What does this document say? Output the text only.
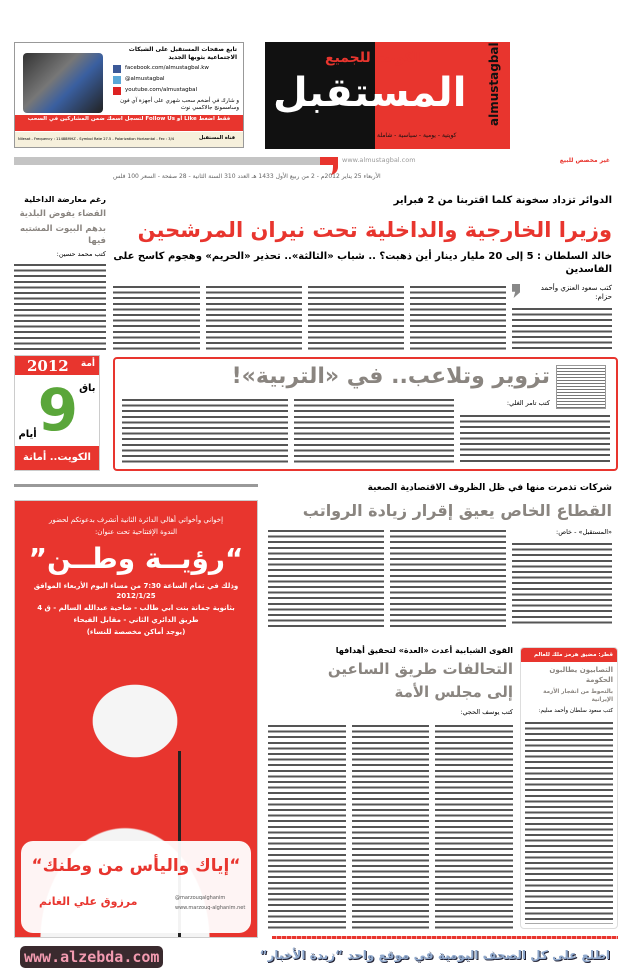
الكويت للجميع
المستقبل almustagbal
كويتية - يومية - سياسية - شاملة
تابع صفحات المستقبل على الشبكات الاجتماعية بثوبها الجديد
facebook.com/almustagbal.kw
@almustagbal
youtube.com/almustagbal
و شارك في أضخم سحب شهري على أجهزة آي فون وسامسونج جالاكسي نوت
فقط اضغط Like أو Follow Us لتسجل اسمك ضمن المشاركين في السحب
Nilesat - Frequency : 11488MHZ - Symbol Rate 27.5 - Polarization Horizontal - Fec : 3/4	قناة المستقبل
www.almustagbal.com	غير مخصص للبيع
الأربعاء 25 يناير 2012م - 2 من ربيع الأول 1433 هـ العدد 310 السنة الثانية - 28 صفحة - السعر 100 فلس
الدوائر تزداد سخونة كلما اقتربنا من 2 فبراير
وزيرا الخارجية والداخلية تحت نيران المرشحين
خالد السلطان : 5 إلى 20 مليار دينار أين ذهبت؟ .. شباب «الثالثة».. تحذير «الحريم» وهجوم كاسح على الفاسدين
كتب سعود العنزي وأحمد حزام:
رغم معارضة الداخلية
القضاء يفوض البلدية
بدهم البيوت المشتبه فيها
كتب محمد حسين:
2012 أمة
باق
9
أيام
الكويت.. أمانة
تزوير وتلاعب.. في «التربية»!
كتب تامر الغلي:
شركات تذمرت منها في ظل الظروف الاقتصادية الصعبة
القطاع الخاص يعيق إقرار زيادة الرواتب
«المستقبل» - خاص:
إخواني وأخواتي أهالي الدائرة الثانية أتشرف بدعوتكم لحضور
الندوة الإفتتاحية تحت عنوان:
“رؤيــة وطــن”
وذلك في تمام الساعة 7:30 من مساء اليوم الأربعاء الموافق 2012/1/25
بثانوية جمانة بنت ابي طالب - ضاحية عبدالله السالم - ق 4
طريق الدائري الثاني - مقابل الفيحاء
(يوجد أماكن مخصصة للنساء)
“إياك واليأس من وطنك“
مرزوق علي الغانم	@marzouqalghanim
www.marzouq-alghanim.net
قطر: مضيق هرمز ملك للعالم
التصابيون يطالبون الحكومة
بالتحوط من انفجار الأزمة الإيرانية
كتب سعود سلطان وأحمد سليم:
القوى الشبابية أعدت «العدة» لتحقيق أهدافها
التحالفات طريق الساعين
إلى مجلس الأمة
كتب يوسف الحجي:
اطلع على كل الصحف اليومية في موقع واحد “زبدة الأخبار“
www.alzebda.com
